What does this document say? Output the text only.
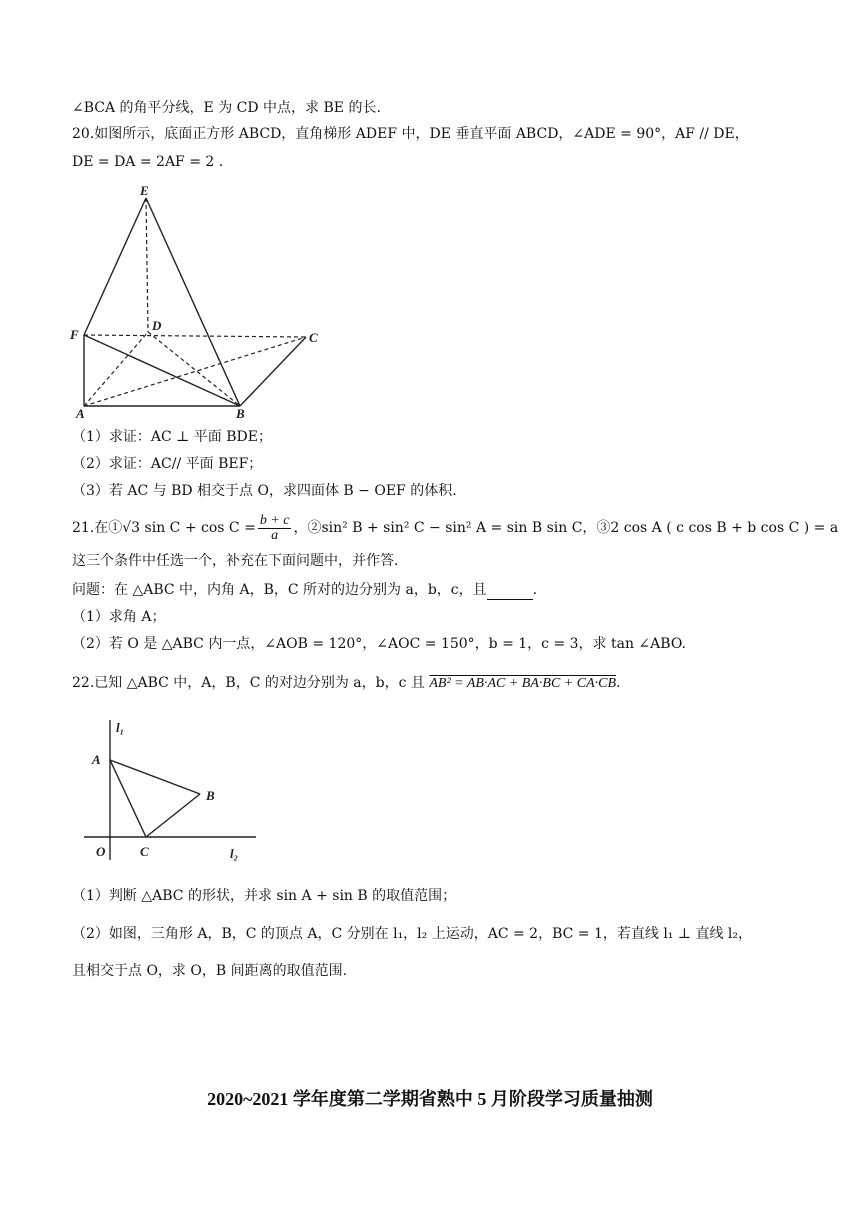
∠BCA 的角平分线，E 为 CD 中点，求 BE 的长.
20.如图所示，底面正方形 ABCD，直角梯形 ADEF 中，DE 垂直平面 ABCD，∠ADE = 90°，AF // DE，
DE = DA = 2AF = 2 .
E
D
F	C
A	B
（1）求证：AC ⊥ 平面 BDE；
（2）求证：AC// 平面 BEF；
（3）若 AC 与 BD 相交于点 O，求四面体 B − OEF 的体积.
21.在①√3 $\sin C + \cos C = \frac{b + c}{a}$ ，②sin² B + sin² C − sin² A = sin B sin C，③2 cos A ( c cos B + b cos C ) = a
这三个条件中任选一个，补充在下面问题中，并作答.
问题：在 △ABC 中，内角 A，B，C 所对的边分别为 a，b，c，且	.
（1）求角 A；
（2）若 O 是 △ABC 内一点，∠AOB = 120°，∠AOC = 150°，b = 1，c = 3，求 tan ∠ABO.
22.已知 △ABC 中，A，B，C 的对边分别为 a，b，c 且 AB² = AB·AC + BA·BC + CA·CB.
l₁
A
B
C
O	l₂
（1）判断 △ABC 的形状，并求 sin A + sin B 的取值范围；
（2）如图，三角形 A，B，C 的顶点 A，C 分别在 l₁，l₂ 上运动，AC = 2，BC = 1，若直线 l₁ ⊥ 直线 l₂，
且相交于点 O，求 O，B 间距离的取值范围.
2020~2021 学年度第二学期省熟中 5 月阶段学习质量抽测
